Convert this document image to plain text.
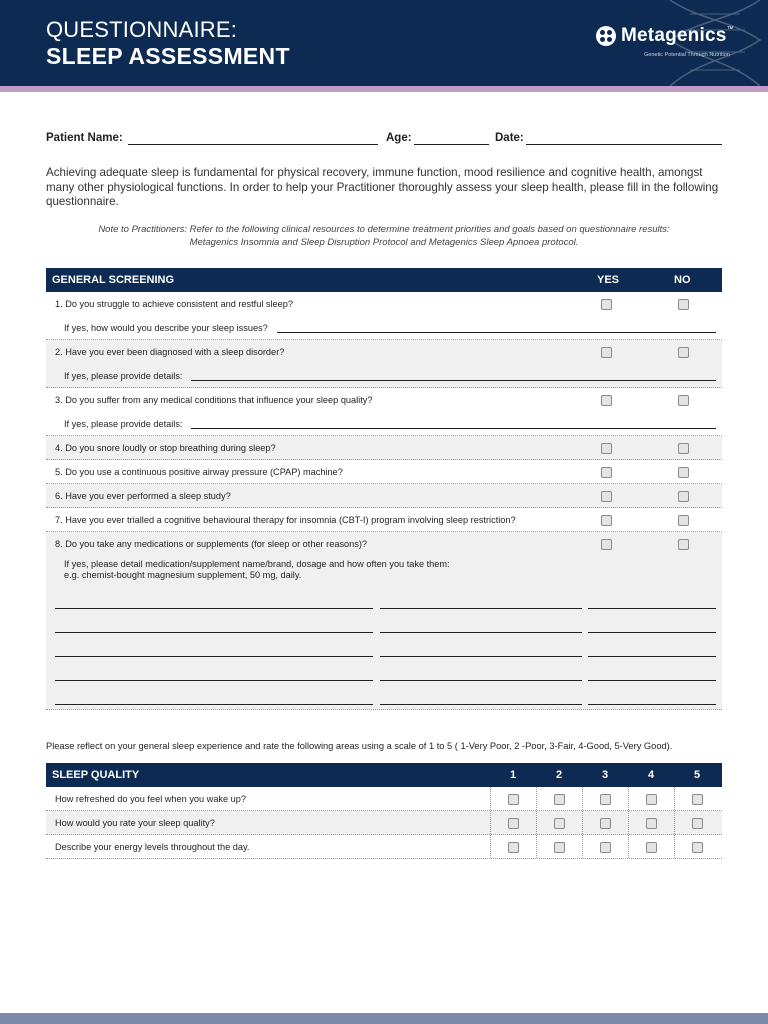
QUESTIONNAIRE:
SLEEP ASSESSMENT
Metagenics ™
Genetic Potential Through Nutrition
Patient Name:	Age:	Date:
Achieving adequate sleep is fundamental for physical recovery, immune function, mood resilience and cognitive health, amongst many other physiological functions. In order to help your Practitioner thoroughly assess your sleep health, please fill in the following questionnaire.
Note to Practitioners: Refer to the following clinical resources to determine treatment priorities and goals based on questionnaire results:
Metagenics Insomnia and Sleep Disruption Protocol and Metagenics Sleep Apnoea protocol.
GENERAL SCREENING	YES	NO
1. Do you struggle to achieve consistent and restful sleep?
If yes, how would you describe your sleep issues?
2. Have you ever been diagnosed with a sleep disorder?
If yes, please provide details:
3. Do you suffer from any medical conditions that influence your sleep quality?
If yes, please provide details:
4. Do you snore loudly or stop breathing during sleep?
5. Do you use a continuous positive airway pressure (CPAP) machine?
6. Have you ever performed a sleep study?
7. Have you ever trialled a cognitive behavioural therapy for insomnia (CBT-I) program involving sleep restriction?
8. Do you take any medications or supplements (for sleep or other reasons)?
If yes, please detail medication/supplement name/brand, dosage and how often you take them:
e.g. chemist-bought magnesium supplement, 50 mg, daily.
Please reflect on your general sleep experience and rate the following areas using a scale of 1 to 5 ( 1-Very Poor, 2 -Poor, 3-Fair, 4-Good, 5-Very Good).
SLEEP QUALITY	1	2	3	4	5
How refreshed do you feel when you wake up?
How would you rate your sleep quality?
Describe your energy levels throughout the day.
